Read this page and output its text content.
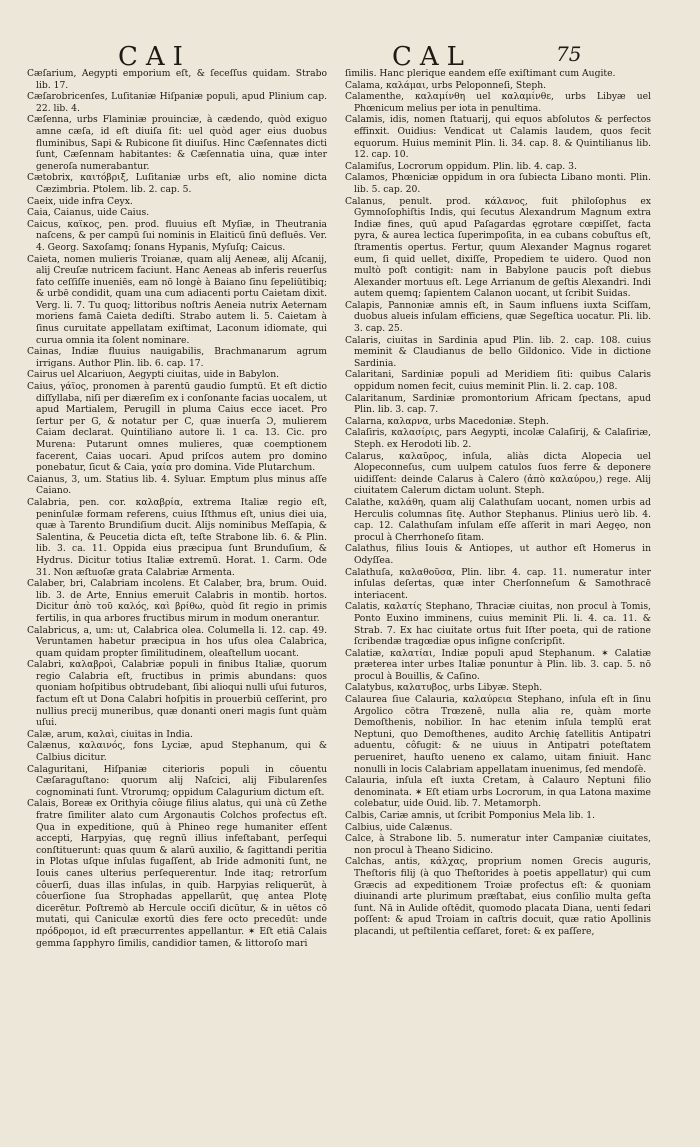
CAI	CAL	75

Cæſarium, Aegypti emporium eſt, & ſeceſſus quidam. Strabo lib. 17.

Cæſarobricenſes, Luſitaniæ Hiſpaniæ populi, apud Plinium cap. 22. lib. 4.

Cæſenna, urbs Flaminiæ prouinciæ, à cædendo, quòd exiguo amne cæſa, id eſt diuiſa ſit: uel quòd ager eius duobus fluminibus, Sapi & Rubicone ſit diuiſus. Hinc Cæſennates dicti ſunt, Cæſennam habitantes: & Cæſennatia uina, quæ inter generoſa numerabantur.

Cætobrix, καιτόβριξ, Luſitaniæ urbs eſt, alio nomine dicta Cæzimbria. Ptolem. lib. 2. cap. 5.

Caeix, uide infra Ceyx.

Caia, Caianus, uide Caius.

Caicus, καϊκος, pen. prod. fluuius eſt Myſiæ, in Theutrania naſcens, & per campū ſui nominis in Elaiticū ſinū defluēs. Ver. 4. Georg. Saxoſamq; ſonans Hypanis, Myſuſq; Caicus.

Caieta, nomen mulieris Troianæ, quam alij Aeneæ, alij Aſcanij, alij Creuſæ nutricem faciunt. Hanc Aeneas ab inferis reuerſus fato ceſſiſſe inueniēs, eam nō longè à Baiano ſinu ſepeliūtibiq; & urbē condidit, quam una cum adiacenti portu Caietam dixit. Verg. li. 7. Tu quoq; littoribus noſtris Aeneia nutrix Aeternam moriens famā Caieta dediſti. Strabo autem li. 5. Caietam à ſinus curuitate appellatam exiſtimat, Laconum idiomate, qui curua omnia ita ſolent nominare.

Cainas, Indiæ fluuius nauigabilis, Brachmanarum agrum irrigans. Author Plin. lib. 6. cap. 17.

Cairus uel Alcariuon, Aegypti ciuitas, uide in Babylon.

Caius, γάϊος, pronomen à parentū gaudio ſumptū. Et eſt dictio diſſyllaba, niſi per diæreſim ex i conſonante facias uocalem, ut apud Martialem, Perugill in pluma Caius ecce iacet. Pro ſertur per G, & notatur per C, quæ inuerſa Ɔ, mulierem Caiam declarat. Quintiliano autore li. 1 ca. 13. Cic. pro Murena: Putarunt omnes mulieres, quæ coemptionem facerent, Caias uocari. Apud priſcos autem pro domino ponebatur, ſicut & Caia, γαία pro domina. Vide Plutarchum.

Caianus, 3, um. Statius lib. 4. Syluar. Emptum plus minus aſſe Caiano.

Calabria, pen. cor. καλαβρία, extrema Italiæ regio eſt, peninſulæ formam referens, cuius Iſthmus eſt, unius diei uia, quæ à Tarento Brundiſium ducit. Alijs nominibus Meſſapia, & Salentina, & Peucetia dicta eſt, teſte Strabone lib. 6. & Plin. lib. 3. ca. 11. Oppida eius præcipua ſunt Brunduſium, & Hydrus. Dicitur totius Italiæ extremū. Horat. 1. Carm. Ode 31. Non æſtuoſæ grata Calabriæ Armenta.

Calaber, bri, Calabriam incolens. Et Calaber, bra, brum. Ouid. lib. 3. de Arte, Ennius emeruit Calabris in montib. hortos. Dicitur ἀπὸ τοῦ καλός, καὶ βρίθω, quòd ſit regio in primis fertilis, in qua arbores fructibus mirum in modum onerantur.

Calabricus, a, um: ut, Calabrica olea. Columella li. 12. cap. 49. Veruntamen habetur præcipua in hos uſus olea Calabrica, quam quidam propter ſimilitudinem, oleaſtellum uocant.

Calabri, καλαβροὶ, Calabriæ populi in finibus Italiæ, quorum regio Calabria eſt, fructibus in primis abundans: quos quoniam hoſpitibus obtrudebant, ſibi alioqui nulli uſui futuros, factum eſt ut Dona Calabri hoſpitis in prouerbiū ceſſerint, pro nullius precij muneribus, quæ donanti oneri magis ſunt quàm uſui.

Calæ, arum, καλαὶ, ciuitas in India.

Calænus, καλαινός, fons Lyciæ, apud Stephanum, qui & Calbius dicitur.

Calaguritani, Hiſpaniæ citerioris populi in cōuentu Cæſaraguſtano: quorum alij Naſcici, alij Fibularenſes cognominati ſunt. Vtrorumq; oppidum Calagurium dictum eſt.

Calais, Boreæ ex Orithyia côiuge filius alatus, qui unà cū Zethe fratre ſimiliter alato cum Argonautis Colchos profectus eſt. Qua in expeditione, quū à Phineo rege humaniter eſſent accepti, Harpyias, quę regnū illius infeſtabant, perſequi conſtituerunt: quas quum & alarū auxilio, & ſagittandi peritia in Plotas uſque inſulas fugaſſent, ab Iride admoniti ſunt, ne Iouis canes ulterius perſequerentur. Inde itaq; retrorſum côuerſi, duas illas inſulas, in quib. Harpyias reliquerūt, à côuerſione ſua Strophadas appellarūt, quę antea Plotę dicerētur. Poſtremò ab Hercule occiſi dicūtur, & in uētos cō mutati, qui Caniculæ exortū dies fere octo precedūt: unde πρόδρομοι, id eſt præcurrentes appellantur. ✶ Eſt etiā Calais gemma ſapphyro ſimilis, candidior tamen, & littoroſo mari

ſimilis. Hanc plerique eandem eſſe exiſtimant cum Augite.

Calama, καλάμαι, urbs Peloponneſi, Steph.

Calamenthe, καλαμίνθη uel καλαμίνθε, urbs Libyæ uel Phœnicum melius per iota in penultima.

Calamis, idis, nomen ſtatuarij, qui equos abſolutos & perfectos effinxit. Ouidius: Vendicat ut Calamis laudem, quos fecit equorum. Huius meminit Plin. li. 34. cap. 8. & Quintilianus lib. 12. cap. 10.

Calamiſus, Locrorum oppidum. Plin. lib. 4. cap. 3.

Calamos, Phœniciæ oppidum in ora ſubiecta Libano monti. Plin. lib. 5. cap. 20.

Calanus, penult. prod. κάλανος, fuit philoſophus ex Gymnoſophiſtis Indis, qui ſecutus Alexandrum Magnum extra Indiæ fines, quū apud Paſagardas ęgrotare cœpiſſet, facta pyra, & aurea lectica ſuperimpoſita, in ea cubans cobuſtus eſt, ſtramentis opertus. Fertur, quum Alexander Magnus rogaret eum, ſi quid uellet, dixiſſe, Propediem te uidero. Quod non multò poſt contigit: nam in Babylone paucis poſt diebus Alexander mortuus eſt. Lege Arrianum de geſtis Alexandri. Indi autem quemq; ſapientem Calanon uocant, ut ſcribit Suidas.

Calapis, Pannoniæ amnis eſt, in Saum influens iuxta Sciſſam, duobus alueis inſulam efficiens, quæ Segeſtica uocatur. Pli. lib. 3. cap. 25.

Calaris, ciuitas in Sardinia apud Plin. lib. 2. cap. 108. cuius meminit & Claudianus de bello Gildonico. Vide in dictione Sardinia.

Calaritani, Sardiniæ populi ad Meridiem ſiti: quibus Calaris oppidum nomen fecit, cuius meminit Plin. li. 2. cap. 108.

Calaritanum, Sardiniæ promontorium Africam ſpectans, apud Plin. lib. 3. cap. 7.

Calarna, καλαρνα, urbs Macedoniæ. Steph.

Calaſiris, καλασίρις, pars Aegypti, incolæ Calaſirij, & Calaſiriæ, Steph. ex Herodoti lib. 2.

Calarus, καλαῦρος, inſula, aliàs dicta Alopecia uel Alopeconneſus, cum uulpem catulos ſuos ferre & deponere uidiſſent: deinde Calarus à Calero (ἀπὸ καλαύρου,) rege. Alij ciuitatem Calerum dictam uolunt. Steph.

Calathe, καλάθη, quam alij Calathuſam uocant, nomen urbis ad Herculis columnas ſitę. Author Stephanus. Plinius uerò lib. 4. cap. 12. Calathuſam inſulam eſſe aſſerit in mari Aegęo, non procul à Cherrhoneſo ſitam.

Calathus, filius Iouis & Antiopes, ut author eſt Homerus in Odyſſea.

Calathuſa, καλαθοῦσα, Plin. libr. 4. cap. 11. numeratur inter inſulas deſertas, quæ inter Cherſonneſum & Samothracē interiacent.

Calatis, καλατίς Stephano, Thraciæ ciuitas, non procul à Tomis, Ponto Euxino imminens, cuius meminit Pli. li. 4. ca. 11. & Strab. 7. Ex hac ciuitate ortus fuit Iſter poeta, qui de ratione ſcribendæ tragœdiæ opus inſigne conſcripſit.

Calatiæ, καλατίαι, Indiæ populi apud Stephanum. ✶ Calatiæ præterea inter urbes Italiæ ponuntur à Plin. lib. 3. cap. 5. nō procul à Bouillis, & Caſino.

Calatybus, καλατυβος, urbs Libyæ. Steph.

Calaurea ſiue Calauria, καλαύρεια Stephano, inſula eſt in ſinu Argolico cōtra Trœzenē, nulla alia re, quàm morte Demoſthenis, nobilior. In hac etenim inſula templū erat Neptuni, quo Demoſthenes, audito Archię ſatellitis Antipatri aduentu, côfugit: & ne uiuus in Antipatri poteſtatem perueniret, hauſto ueneno ex calamo, uitam finiuit. Hanc nonulli in locis Calabriam appellatam inuenimus, ſed mendoſè.

Calauria, inſula eſt iuxta Cretam, à Calauro Neptuni filio denominata. ✶ Eſt etiam urbs Locrorum, in qua Latona maxime colebatur, uide Ouid. lib. 7. Metamorph.

Calbis, Cariæ amnis, ut ſcribit Pomponius Mela lib. 1.

Calbius, uide Calænus.

Calce, à Strabone lib. 5. numeratur inter Campaniæ ciuitates, non procul à Theano Sidicino.

Calchas, antis, κάλχας, proprium nomen Grecis auguris, Theſtoris filij (à quo Theſtorides à poetis appellatur) qui cum Græcis ad expeditionem Troiæ profectus eſt: & quoniam diuinandi arte plurimum præſtabat, eius conſilio multa geſta ſunt. Nā in Aulide oſtēdit, quomodo placata Diana, uenti ſedari poſſent: & apud Troiam in caſtris docuit, quæ ratio Apollinis placandi, ut peſtilentia ceſſaret, foret: & ex paſſere,
